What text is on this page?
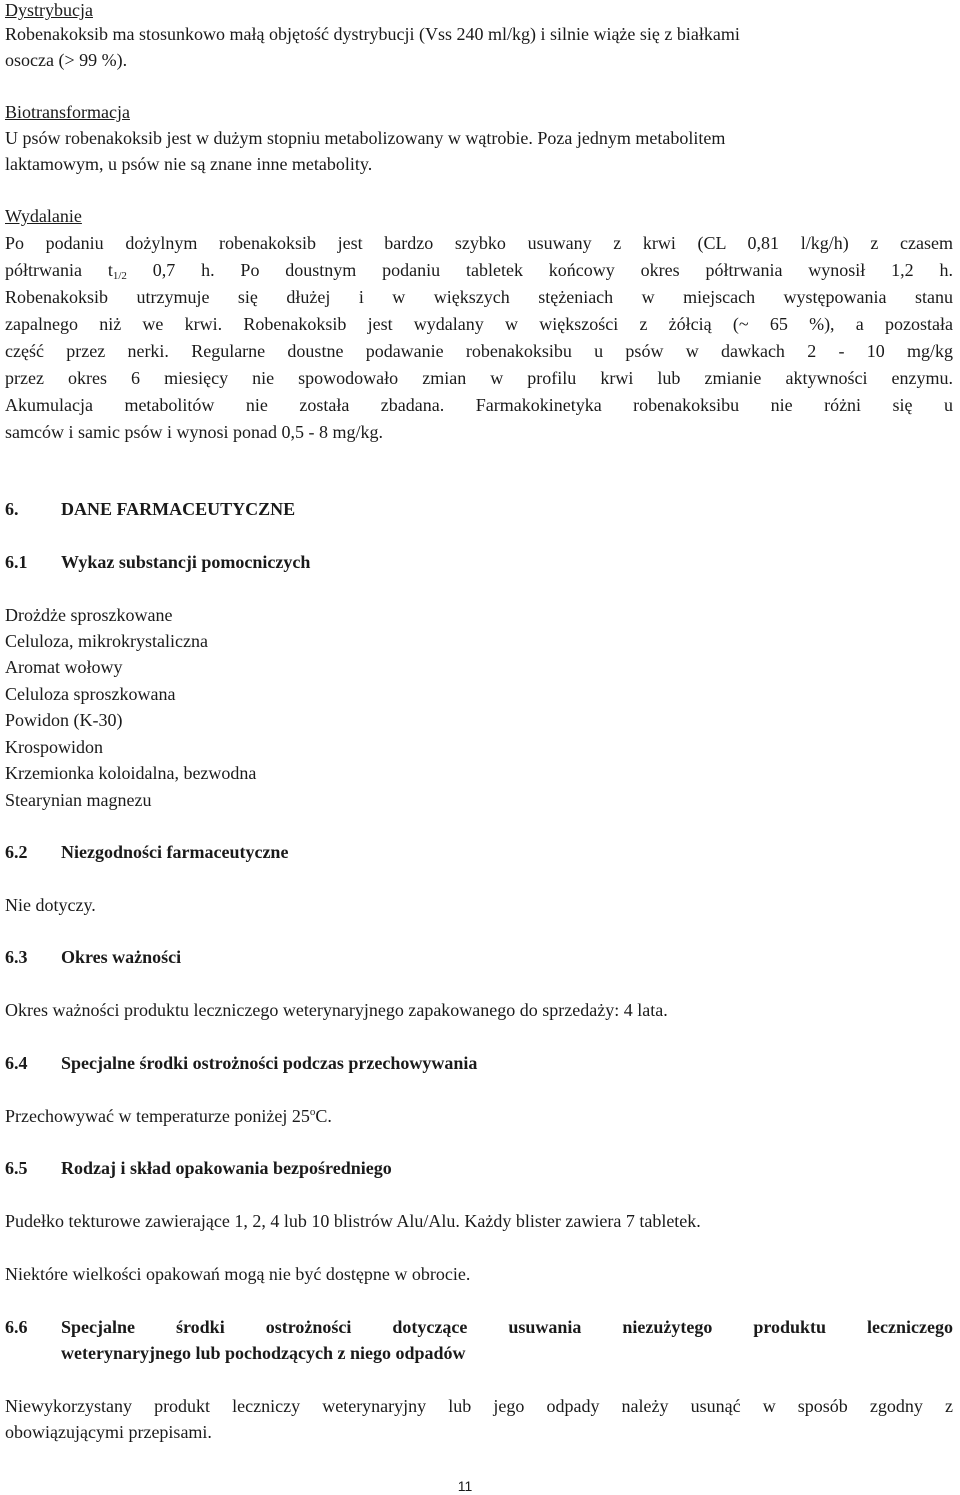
Dystrybucja
Robenakoksib ma stosunkowo małą objętość dystrybucji (Vss 240 ml/kg) i silnie wiąże się z białkami
osocza (> 99 %).
Biotransformacja
U psów robenakoksib jest w dużym stopniu metabolizowany w wątrobie. Poza jednym metabolitem
laktamowym, u psów nie są znane inne metabolity.
Wydalanie
Po podaniu dożylnym robenakoksib jest bardzo szybko usuwany z krwi (CL 0,81 l/kg/h) z czasem
półtrwania $t_{1/2}$ 0,7 h. Po doustnym podaniu tabletek końcowy okres półtrwania wynosił 1,2 h.
Robenakoksib utrzymuje się dłużej i w większych stężeniach w miejscach występowania stanu
zapalnego niż we krwi. Robenakoksib jest wydalany w większości z żółcią (~ 65 %), a pozostała
część przez nerki. Regularne doustne podawanie robenakoksibu u psów w dawkach 2 - 10 mg/kg
przez okres 6 miesięcy nie spowodowało zmian w profilu krwi lub zmianie aktywności enzymu.
Akumulacja metabolitów nie została zbadana. Farmakokinetyka robenakoksibu nie różni się u
samców i samic psów i wynosi ponad 0,5 - 8 mg/kg.
6. DANE FARMACEUTYCZNE
6.1 Wykaz substancji pomocniczych
Drożdże sproszkowane
Celuloza, mikrokrystaliczna
Aromat wołowy
Celuloza sproszkowana
Powidon (K-30)
Krospowidon
Krzemionka koloidalna, bezwodna
Stearynian magnezu
6.2 Niezgodności farmaceutyczne
Nie dotyczy.
6.3 Okres ważności
Okres ważności produktu leczniczego weterynaryjnego zapakowanego do sprzedaży: 4 lata.
6.4 Specjalne środki ostrożności podczas przechowywania
Przechowywać w temperaturze poniżej 25$^o$C.
6.5 Rodzaj i skład opakowania bezpośredniego
Pudełko tekturowe zawierające 1, 2, 4 lub 10 blistrów Alu/Alu. Każdy blister zawiera 7 tabletek.
Niektóre wielkości opakowań mogą nie być dostępne w obrocie.
6.6	Specjalne środki ostrożności dotyczące usuwania niezużytego produktu leczniczego
weterynaryjnego lub pochodzących z niego odpadów
Niewykorzystany produkt leczniczy weterynaryjny lub jego odpady należy usunąć w sposób zgodny z
obowiązującymi przepisami.
11
